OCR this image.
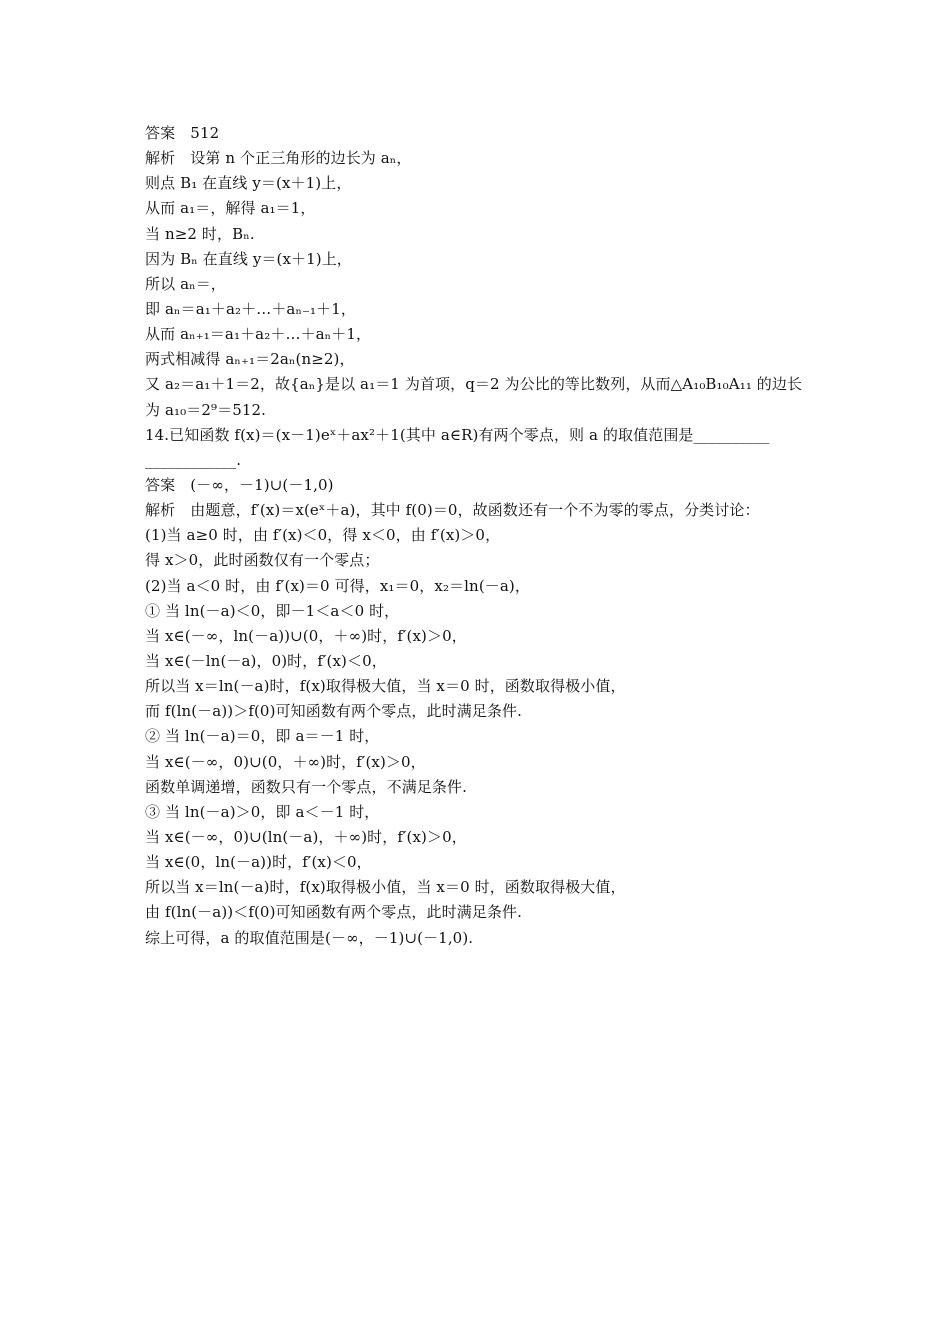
答案　512
解析　设第 n 个正三角形的边长为 aₙ，
则点 B₁ 在直线 y＝(x＋1)上，
从而 a₁＝，解得 a₁＝1，
当 n≥2 时，Bₙ.
因为 Bₙ 在直线 y＝(x＋1)上，
所以 aₙ＝，
即 aₙ＝a₁＋a₂＋…＋aₙ₋₁＋1，
从而 aₙ₊₁＝a₁＋a₂＋…＋aₙ＋1，
两式相减得 aₙ₊₁＝2aₙ(n≥2)，
又 a₂＝a₁＋1＝2，故{aₙ}是以 a₁＝1 为首项，q＝2 为公比的等比数列，从而△A₁₀B₁₀A₁₁ 的边长
为 a₁₀＝2⁹＝512.
14.已知函数 f(x)＝(x－1)eˣ＋ax²＋1(其中 a∈R)有两个零点，则 a 的取值范围是__________
____________.
答案　(－∞，－1)∪(－1,0)
解析　由题意，f′(x)＝x(eˣ＋a)，其中 f(0)＝0，故函数还有一个不为零的零点，分类讨论：
(1)当 a≥0 时，由 f′(x)＜0，得 x＜0，由 f′(x)＞0，
得 x＞0，此时函数仅有一个零点；
(2)当 a＜0 时，由 f′(x)＝0 可得，x₁＝0，x₂＝ln(－a)，
① 当 ln(－a)＜0，即－1＜a＜0 时，
当 x∈(－∞，ln(－a))∪(0，＋∞)时，f′(x)＞0，
当 x∈(－ln(－a)，0)时，f′(x)＜0，
所以当 x＝ln(－a)时，f(x)取得极大值，当 x＝0 时，函数取得极小值，
而 f(ln(－a))＞f(0)可知函数有两个零点，此时满足条件.
② 当 ln(－a)＝0，即 a＝－1 时，
当 x∈(－∞，0)∪(0，＋∞)时，f′(x)＞0，
函数单调递增，函数只有一个零点，不满足条件.
③ 当 ln(－a)＞0，即 a＜－1 时，
当 x∈(－∞，0)∪(ln(－a)，＋∞)时，f′(x)＞0，
当 x∈(0，ln(－a))时，f′(x)＜0，
所以当 x＝ln(－a)时，f(x)取得极小值，当 x＝0 时，函数取得极大值，
由 f(ln(－a))＜f(0)可知函数有两个零点，此时满足条件.
综上可得，a 的取值范围是(－∞，－1)∪(－1,0).
